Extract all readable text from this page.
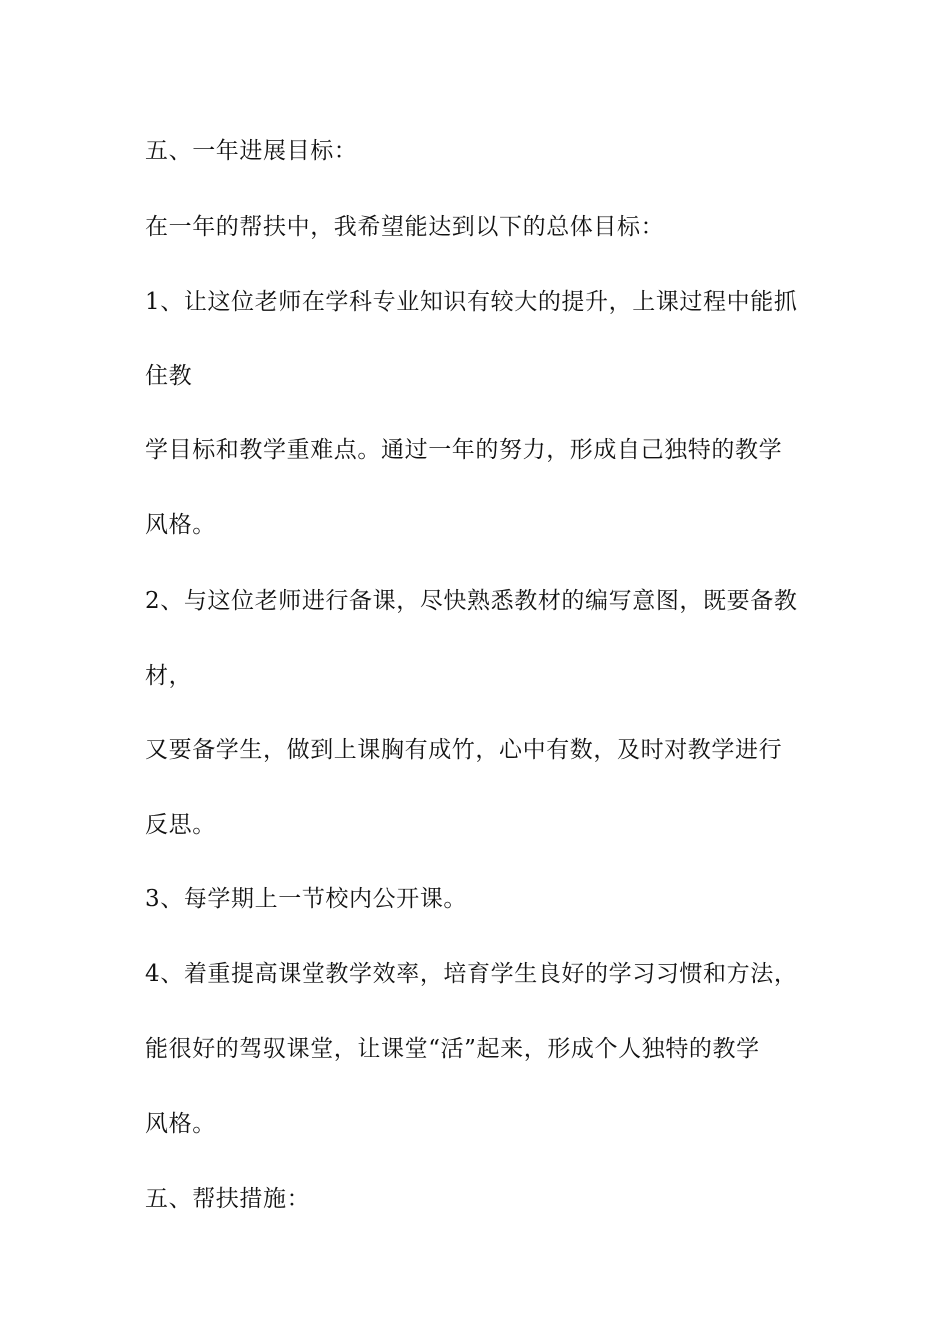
五、一年进展目标：
在一年的帮扶中，我希望能达到以下的总体目标：
1、让这位老师在学科专业知识有较大的提升，上课过程中能抓
住教
学目标和教学重难点。通过一年的努力，形成自己独特的教学
风格。
2、与这位老师进行备课，尽快熟悉教材的编写意图，既要备教
材，
又要备学生，做到上课胸有成竹，心中有数，及时对教学进行
反思。
3、每学期上一节校内公开课。
4、着重提高课堂教学效率，培育学生良好的学习习惯和方法，
能很好的驾驭课堂，让课堂“活”起来，形成个人独特的教学
风格。
五、帮扶措施：
